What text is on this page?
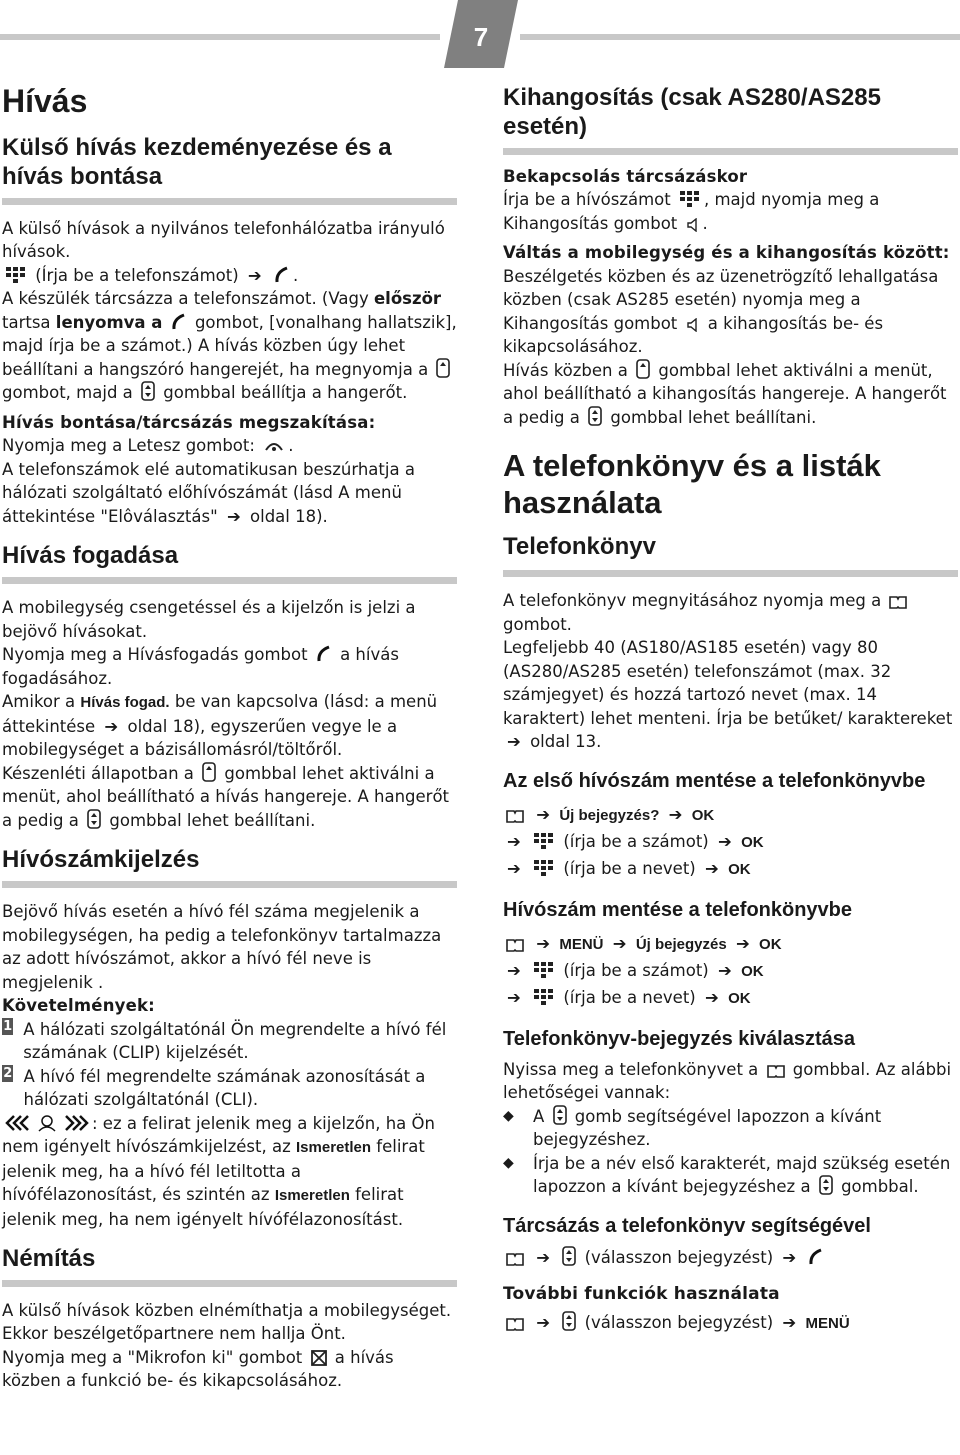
7
Hívás
Külső hívás kezdeményezése és a hívás bontása

A külső hívások a nyilvános telefonhálózatba irányuló hívások.

(Írja be a telefonszámot) ➔ .

A készülék tárcsázza a telefonszámot. (Vagy először tartsa lenyomva a
gombot, [vonalhang hallatszik], majd írja be a számot.) A hívás közben úgy lehet beállítani a hangszóró hangerejét, ha megnyomja a
gombot, majd a gombbal beállítja a hangerőt.

Hívás bontása/tárcsázás megszakítása:

Nyomja meg a Letesz gombot: .

A telefonszámok elé automatikusan beszúrhatja a hálózati szolgáltató előhívószámát (lásd A menü áttekintése "Elôválasztás" ➔ oldal 18).

Hívás fogadása

A mobilegység csengetéssel és a kijelzőn is jelzi a bejövő hívásokat.

Nyomja meg a Hívásfogadás gombot a hívás fogadásához.

Amikor a Hívás fogad. be van kapcsolva (lásd: a menü áttekintése ➔ oldal 18), egyszerűen vegye le a mobilegységet a bázisállomásról/töltőről.

Készenléti állapotban a gombbal lehet aktiválni a menüt, ahol beállítható a hívás hangereje. A hangerőt a pedig a gombbal lehet beállítani.

Hívószámkijelzés

Bejövő hívás esetén a hívó fél száma megjelenik a mobilegységen, ha pedig a telefonkönyv tartalmazza az adott hívószámot, akkor a hívó fél neve is megjelenik .

Követelmények:

1 A hálózati szolgáltatónál Ön megrendelte a hívó fél számának (CLIP) kijelzését.
2 A hívó fél megrendelte számának azonosítását a hálózati szolgáltatónál (CLI).

: ez a felirat jelenik meg a kijelzőn, ha Ön nem igényelt hívószámkijelzést, az Ismeretlen felirat jelenik meg, ha a hívó fél letiltotta a hívófélazonosítást, és szintén az Ismeretlen felirat jelenik meg, ha nem igényelt hívófélazonosítást.

Némítás

A külső hívások közben elnémíthatja a mobilegységet. Ekkor beszélgetőpartnere nem hallja Önt.

Nyomja meg a "Mikrofon ki" gombot a hívás közben a funkció be- és kikapcsolásához.

Kihangosítás (csak AS280/AS285 esetén)

Bekapcsolás tárcsázáskor

Írja be a hívószámot , majd nyomja meg a Kihangosítás gombot .

Váltás a mobilegység és a kihangosítás között:

Beszélgetés közben és az üzenetrögzítő lehallgatása közben (csak AS285 esetén) nyomja meg a Kihangosítás gombot a kihangosítás be- és kikapcsolásához.

Hívás közben a gombbal lehet aktiválni a menüt, ahol beállítható a kihangosítás hangereje. A hangerőt a pedig a gombbal lehet beállítani.

A telefonkönyv és a listák használata
Telefonkönyv

A telefonkönyv megnyitásához nyomja meg a
gombot.

Legfeljebb 40 (AS180/AS185 esetén) vagy 80 (AS280/AS285 esetén) telefonszámot (max. 32 számjegyet) és hozzá tartozó nevet (max. 14 karaktert) lehet menteni. Írja be betűket/ karaktereket ➔ oldal 13.

Az első hívószám mentése a telefonkönyvbe
➔ Új bejegyzés? ➔ OK
➔	(írja be a számot) ➔ OK
➔	(írja be a nevet) ➔ OK
Hívószám mentése a telefonkönyvbe
➔ MENÜ ➔ Új bejegyzés ➔ OK
➔	(írja be a számot) ➔ OK
➔	(írja be a nevet) ➔ OK
Telefonkönyv-bejegyzés kiválasztása

Nyissa meg a telefonkönyvet a gombbal. Az alábbi lehetőségei vannak:

◆	A gomb segítségével lapozzon a kívánt bejegyzéshez.
◆	Írja be a név első karakterét, majd szükség esetén lapozzon a kívánt bejegyzéshez a gombbal.
Tárcsázás a telefonkönyv segítségével
➔ (válasszon bejegyzést) ➔

További funkciók használata

➔ (válasszon bejegyzést) ➔ MENÜ
